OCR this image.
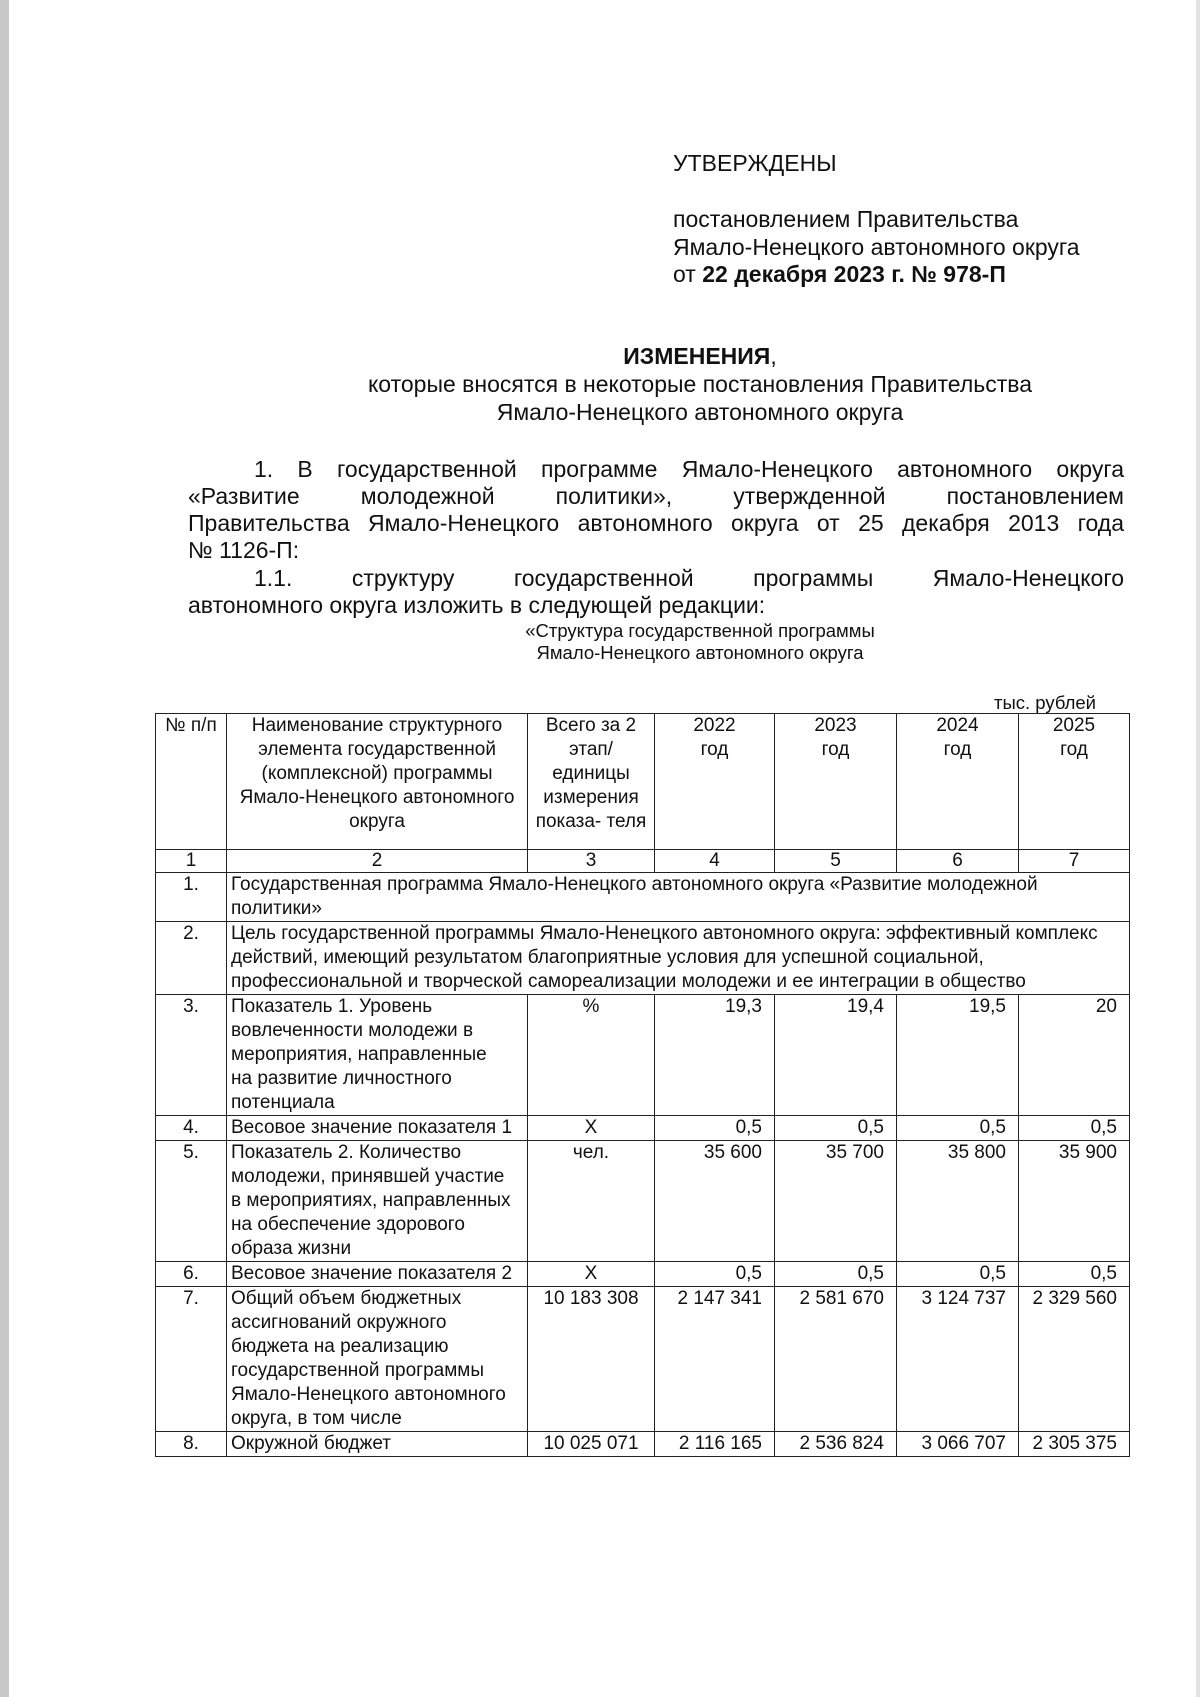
УТВЕРЖДЕНЫ
постановлением Правительства
Ямало-Ненецкого автономного округа
от 22 декабря 2023 г. № 978-П
ИЗМЕНЕНИЯ,
которые вносятся в некоторые постановления Правительства
Ямало-Ненецкого автономного округа
1. В государственной программе Ямало-Ненецкого автономного округа
«Развитие молодежной политики», утвержденной постановлением
Правительства Ямало-Ненецкого автономного округа от 25 декабря 2013 года
№ 1126-П:
1.1. структуру государственной программы Ямало-Ненецкого
автономного округа изложить в следующей редакции:
«Структура государственной программы
Ямало-Ненецкого автономного округа
тыс. рублей
№ п/п	Наименование структурного элемента государственной (комплексной) программы Ямало-Ненецкого автономного округа	Всего за 2 этап/ единицы измерения показа- теля	2022 год	2023 год	2024 год	2025 год
1	2	3	4	5	6	7
1.	Государственная программа Ямало-Ненецкого автономного округа «Развитие молодежной политики»					
2.	Цель государственной программы Ямало-Ненецкого автономного округа: эффективный комплекс действий, имеющий результатом благоприятные условия для успешной социальной, профессиональной и творческой самореализации молодежи и ее интеграции в общество					
3.	Показатель 1. Уровень вовлеченности молодежи в мероприятия, направленные на развитие личностного потенциала	%	19,3	19,4	19,5	20
4.	Весовое значение показателя 1	Х	0,5	0,5	0,5	0,5
5.	Показатель 2. Количество молодежи, принявшей участие в мероприятиях, направленных на обеспечение здорового образа жизни	чел.	35 600	35 700	35 800	35 900
6.	Весовое значение показателя 2	Х	0,5	0,5	0,5	0,5
7.	Общий объем бюджетных ассигнований окружного бюджета на реализацию государственной программы Ямало-Ненецкого автономного округа, в том числе	10 183 308	2 147 341	2 581 670	3 124 737	2 329 560
8.	Окружной бюджет	10 025 071	2 116 165	2 536 824	3 066 707	2 305 375
